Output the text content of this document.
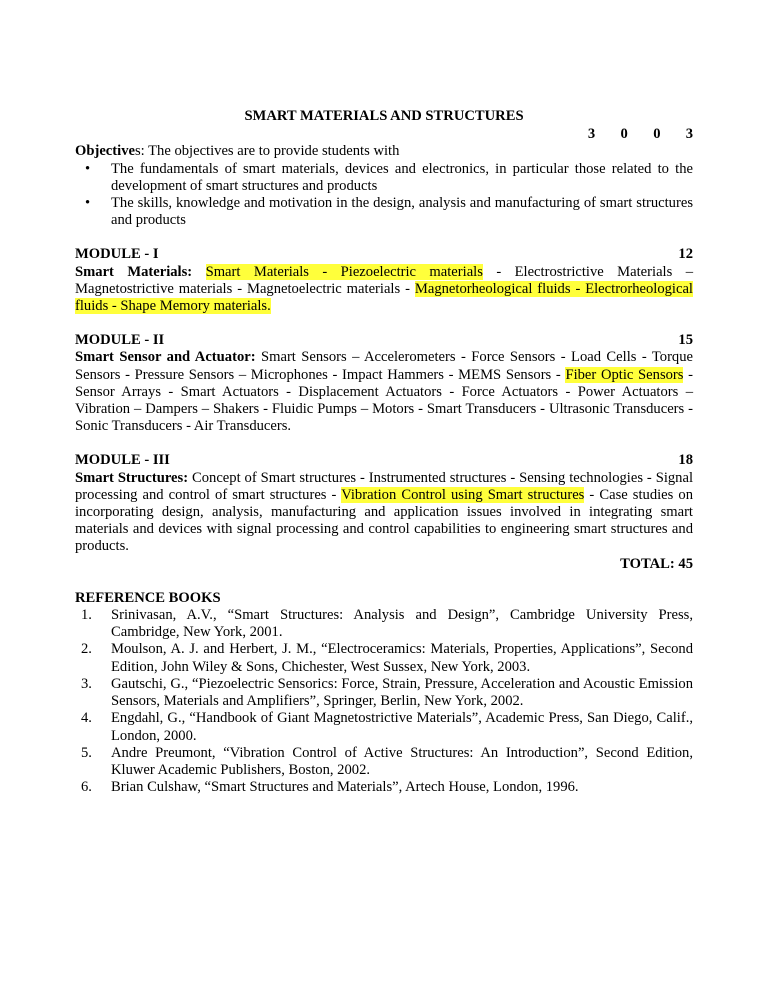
SMART MATERIALS AND STRUCTURES

3 0 0 3

Objectives: The objectives are to provide students with

• The fundamentals of smart materials, devices and electronics, in particular those related to the development of smart structures and products
• The skills, knowledge and motivation in the design, analysis and manufacturing of smart structures and products
MODULE - I	12

Smart Materials: Smart Materials - Piezoelectric materials - Electrostrictive Materials – Magnetostrictive materials - Magnetoelectric materials - Magnetorheological fluids - Electrorheological fluids - Shape Memory materials.

MODULE - II	15

Smart Sensor and Actuator: Smart Sensors – Accelerometers - Force Sensors - Load Cells - Torque Sensors - Pressure Sensors – Microphones - Impact Hammers - MEMS Sensors - Fiber Optic Sensors - Sensor Arrays - Smart Actuators - Displacement Actuators - Force Actuators - Power Actuators – Vibration – Dampers – Shakers - Fluidic Pumps – Motors - Smart Transducers - Ultrasonic Transducers - Sonic Transducers - Air Transducers.

MODULE - III	18

Smart Structures: Concept of Smart structures - Instrumented structures - Sensing technologies - Signal processing and control of smart structures - Vibration Control using Smart structures - Case studies on incorporating design, analysis, manufacturing and application issues involved in integrating smart materials and devices with signal processing and control capabilities to engineering smart structures and products.

TOTAL: 45

REFERENCE BOOKS

1. Srinivasan, A.V., “Smart Structures: Analysis and Design”, Cambridge University Press, Cambridge, New York, 2001.
2. Moulson, A. J. and Herbert, J. M., “Electroceramics: Materials, Properties, Applications”, Second Edition, John Wiley & Sons, Chichester, West Sussex, New York, 2003.
3. Gautschi, G., “Piezoelectric Sensorics: Force, Strain, Pressure, Acceleration and Acoustic Emission Sensors, Materials and Amplifiers”, Springer, Berlin, New York, 2002.
4. Engdahl, G., “Handbook of Giant Magnetostrictive Materials”, Academic Press, San Diego, Calif., London, 2000.
5. Andre Preumont, “Vibration Control of Active Structures: An Introduction”, Second Edition, Kluwer Academic Publishers, Boston, 2002.
6. Brian Culshaw, “Smart Structures and Materials”, Artech House, London, 1996.
